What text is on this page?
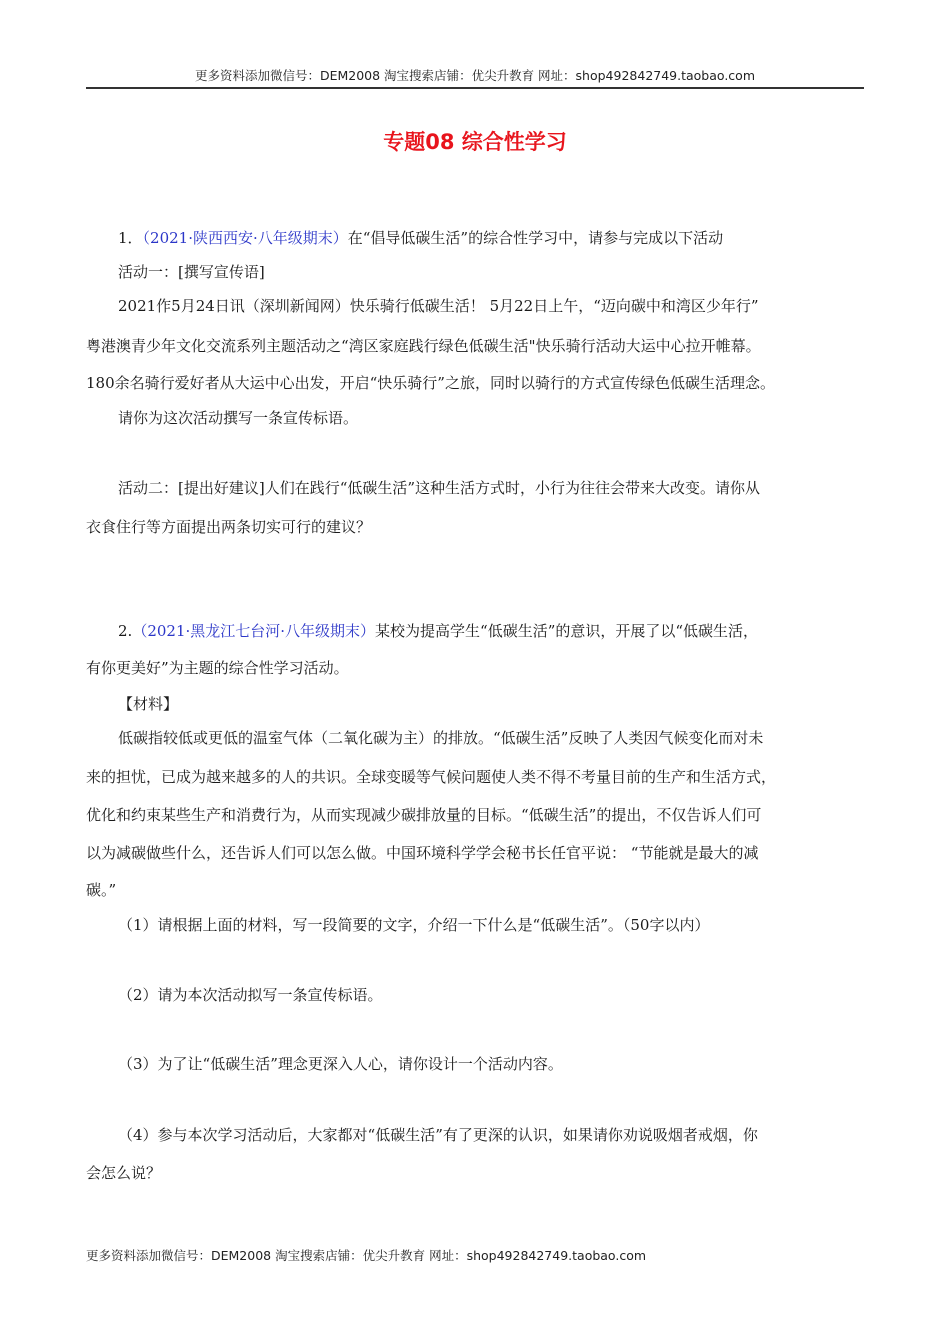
更多资料添加微信号：DEM2008 淘宝搜索店铺：优尖升教育 网址：shop492842749.taobao.com
专题08 综合性学习
1．（2021·陕西西安·八年级期末）在“倡导低碳生活”的综合性学习中，请参与完成以下活动
活动一：[撰写宣传语]
2021作5月24日讯（深圳新闻网）快乐骑行低碳生活！ 5月22日上午，“迈向碳中和湾区少年行”
粤港澳青少年文化交流系列主题活动之“湾区家庭践行绿色低碳生活"快乐骑行活动大运中心拉开帷幕。
180余名骑行爱好者从大运中心出发，开启“快乐骑行”之旅，同时以骑行的方式宣传绿色低碳生活理念。
请你为这次活动撰写一条宣传标语。
活动二：[提出好建议]人们在践行“低碳生活”这种生活方式时，小行为往往会带来大改变。请你从
衣食住行等方面提出两条切实可行的建议？
2.（2021·黑龙江七台河·八年级期末）某校为提高学生“低碳生活”的意识，开展了以“低碳生活，
有你更美好”为主题的综合性学习活动。
【材料】
低碳指较低或更低的温室气体（二氧化碳为主）的排放。“低碳生活”反映了人类因气候变化而对未
来的担忧，已成为越来越多的人的共识。全球变暖等气候问题使人类不得不考量目前的生产和生活方式，
优化和约束某些生产和消费行为，从而实现减少碳排放量的目标。“低碳生活”的提出，不仅告诉人们可
以为减碳做些什么，还告诉人们可以怎么做。中国环境科学学会秘书长任官平说： “节能就是最大的减
碳。”
（1）请根据上面的材料，写一段简要的文字，介绍一下什么是“低碳生活”。（50字以内）
（2）请为本次活动拟写一条宣传标语。
（3）为了让“低碳生活”理念更深入人心，请你设计一个活动内容。
（4）参与本次学习活动后，大家都对“低碳生活”有了更深的认识，如果请你劝说吸烟者戒烟，你
会怎么说？
更多资料添加微信号：DEM2008 淘宝搜索店铺：优尖升教育 网址：shop492842749.taobao.com
